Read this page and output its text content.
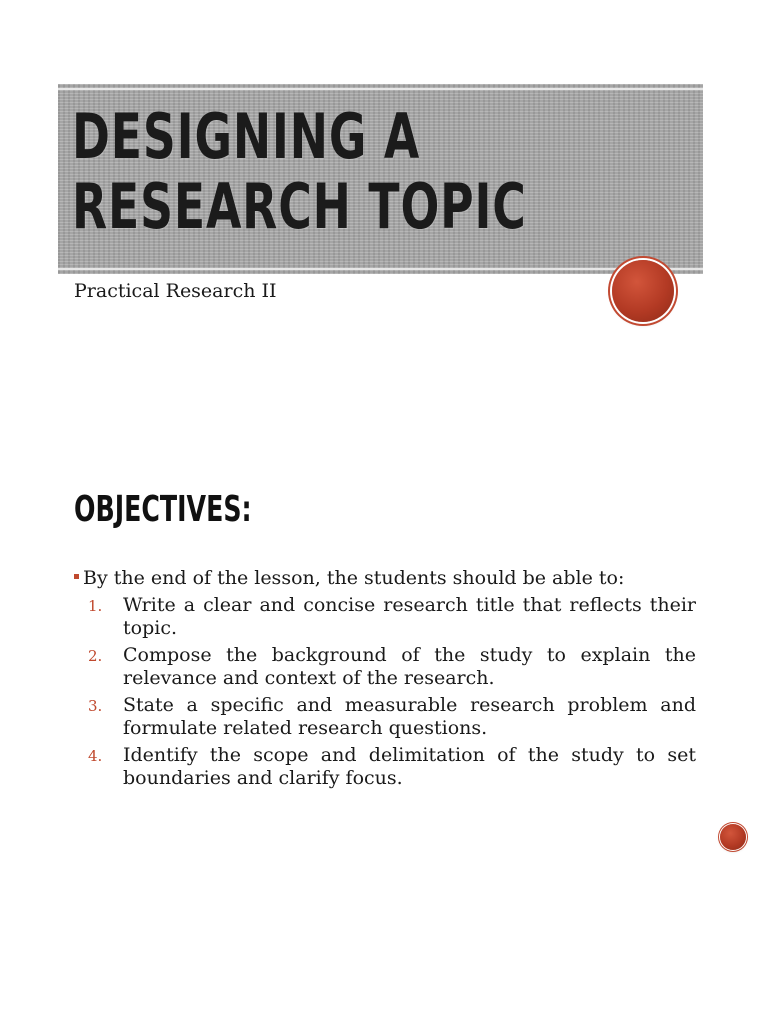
DESIGNING A
RESEARCH TOPIC

Practical Research II

OBJECTIVES:

By the end of the lesson, the students should be able to:

1.	Write a clear and concise research title that reflects their topic.
2.	Compose the background of the study to explain the relevance and context of the research.
3.	State a specific and measurable research problem and formulate related research questions.
4.	Identify the scope and delimitation of the study to set boundaries and clarify focus.
